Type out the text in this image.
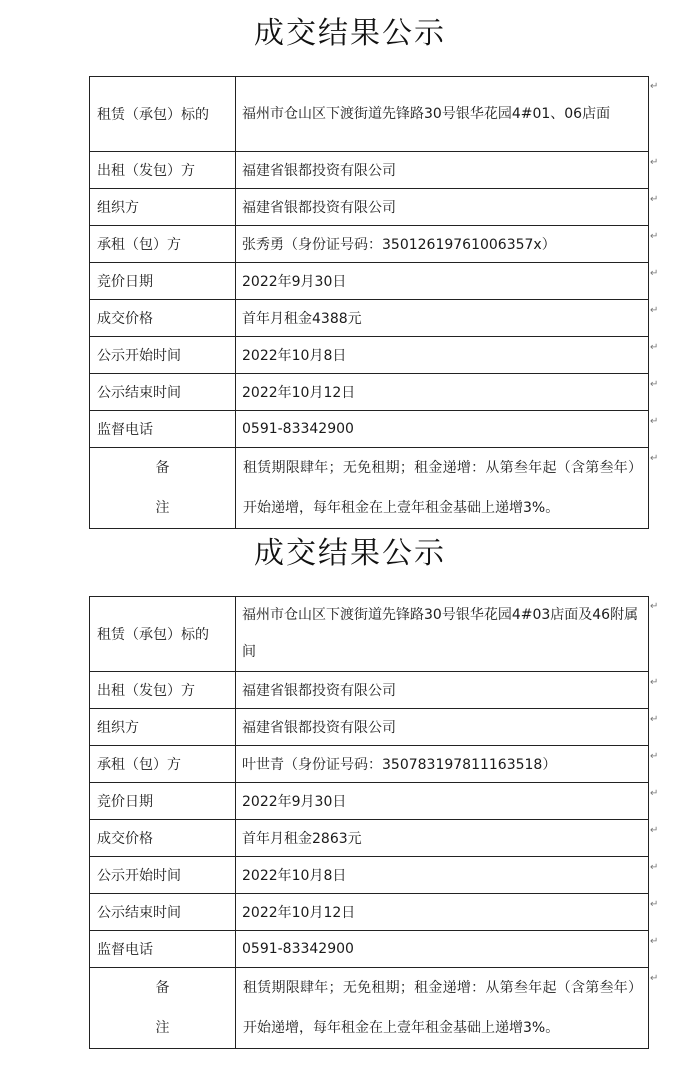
成交结果公示
租赁（承包）标的	福州市仓山区下渡街道先锋路30号银华花园4#01、06店面
出租（发包）方	福建省银都投资有限公司
组织方	福建省银都投资有限公司
承租（包）方	张秀勇（身份证号码：35012619761006357x）
竞价日期	2022年9月30日
成交价格	首年月租金4388元
公示开始时间	2022年10月8日
公示结束时间	2022年10月12日
监督电话	0591-83342900
备
注	租赁期限肆年；无免租期；租金递增：从第叁年起（含第叁年）开始递增，每年租金在上壹年租金基础上递增3%。
成交结果公示
租赁（承包）标的	福州市仓山区下渡街道先锋路30号银华花园4#03店面及46附属间
出租（发包）方	福建省银都投资有限公司
组织方	福建省银都投资有限公司
承租（包）方	叶世青（身份证号码：350783197811163518）
竞价日期	2022年9月30日
成交价格	首年月租金2863元
公示开始时间	2022年10月8日
公示结束时间	2022年10月12日
监督电话	0591-83342900
备
注	租赁期限肆年；无免租期；租金递增：从第叁年起（含第叁年）开始递增，每年租金在上壹年租金基础上递增3%。
↵
↵
↵
↵
↵
↵
↵
↵
↵
↵
↵
↵
↵
↵
↵
↵
↵
↵
↵
↵
